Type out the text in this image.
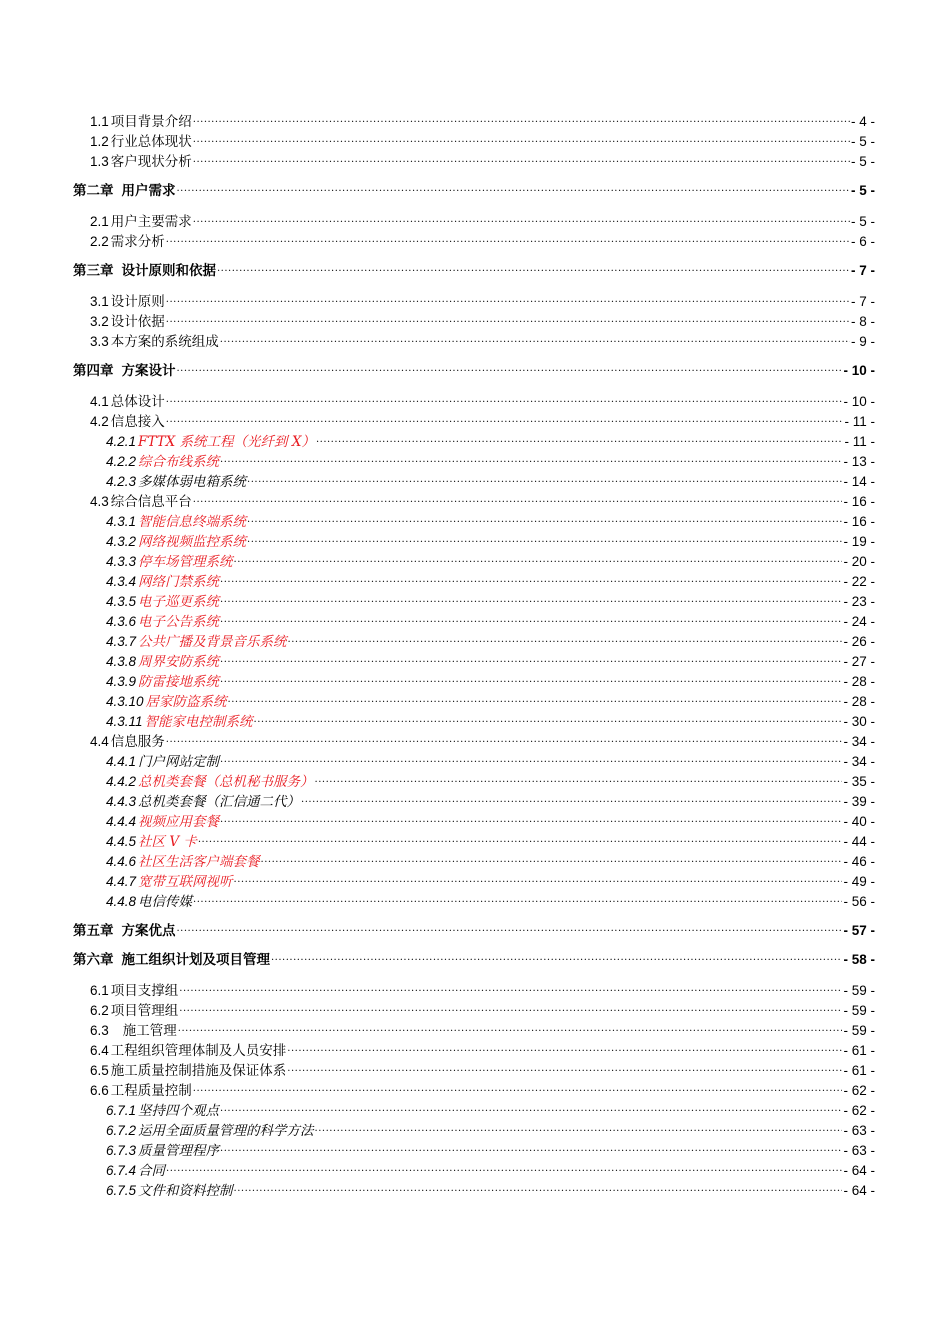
1.1 项目背景介绍 .....	- 4 -
1.2 行业总体现状 .....	- 5 -
1.3 客户现状分析 .....	- 5 -
第二章 用户需求 .....	- 5 -
2.1 用户主要需求 .....	- 5 -
2.2 需求分析 .....	- 6 -
第三章 设计原则和依据 .....	- 7 -
3.1 设计原则 .....	- 7 -
3.2 设计依据 .....	- 8 -
3.3 本方案的系统组成 .....	- 9 -
第四章 方案设计 .....	- 10 -
4.1 总体设计 .....	- 10 -
4.2 信息接入 .....	- 11 -
4.2.1 FTTX 系统工程（光纤到 X） .....	- 11 -
4.2.2 综合布线系统 .....	- 13 -
4.2.3 多媒体弱电箱系统 .....	- 14 -
4.3 综合信息平台 .....	- 16 -
4.3.1 智能信息终端系统 .....	- 16 -
4.3.2 网络视频监控系统 .....	- 19 -
4.3.3 停车场管理系统 .....	- 20 -
4.3.4 网络门禁系统 .....	- 22 -
4.3.5 电子巡更系统 .....	- 23 -
4.3.6 电子公告系统 .....	- 24 -
4.3.7 公共广播及背景音乐系统 .....	- 26 -
4.3.8 周界安防系统 .....	- 27 -
4.3.9 防雷接地系统 .....	- 28 -
4.3.10 居家防盗系统 .....	- 28 -
4.3.11 智能家电控制系统 .....	- 30 -
4.4 信息服务 .....	- 34 -
4.4.1 门户网站定制 .....	- 34 -
4.4.2 总机类套餐（总机秘书服务） .....	- 35 -
4.4.3 总机类套餐（汇信通二代） .....	- 39 -
4.4.4 视频应用套餐 .....	- 40 -
4.4.5 社区 V 卡 .....	- 44 -
4.4.6 社区生活客户端套餐 .....	- 46 -
4.4.7 宽带互联网视听 .....	- 49 -
4.4.8 电信传媒 .....	- 56 -
第五章 方案优点 .....	- 57 -
第六章 施工组织计划及项目管理 .....	- 58 -
6.1 项目支撑组 .....	- 59 -
6.2 项目管理组 .....	- 59 -
6.3 施工管理 .....	- 59 -
6.4 工程组织管理体制及人员安排 .....	- 61 -
6.5 施工质量控制措施及保证体系 .....	- 61 -
6.6 工程质量控制 .....	- 62 -
6.7.1 坚持四个观点 .....	- 62 -
6.7.2 运用全面质量管理的科学方法 .....	- 63 -
6.7.3 质量管理程序 .....	- 63 -
6.7.4 合同 .....	- 64 -
6.7.5 文件和资料控制 .....	- 64 -
